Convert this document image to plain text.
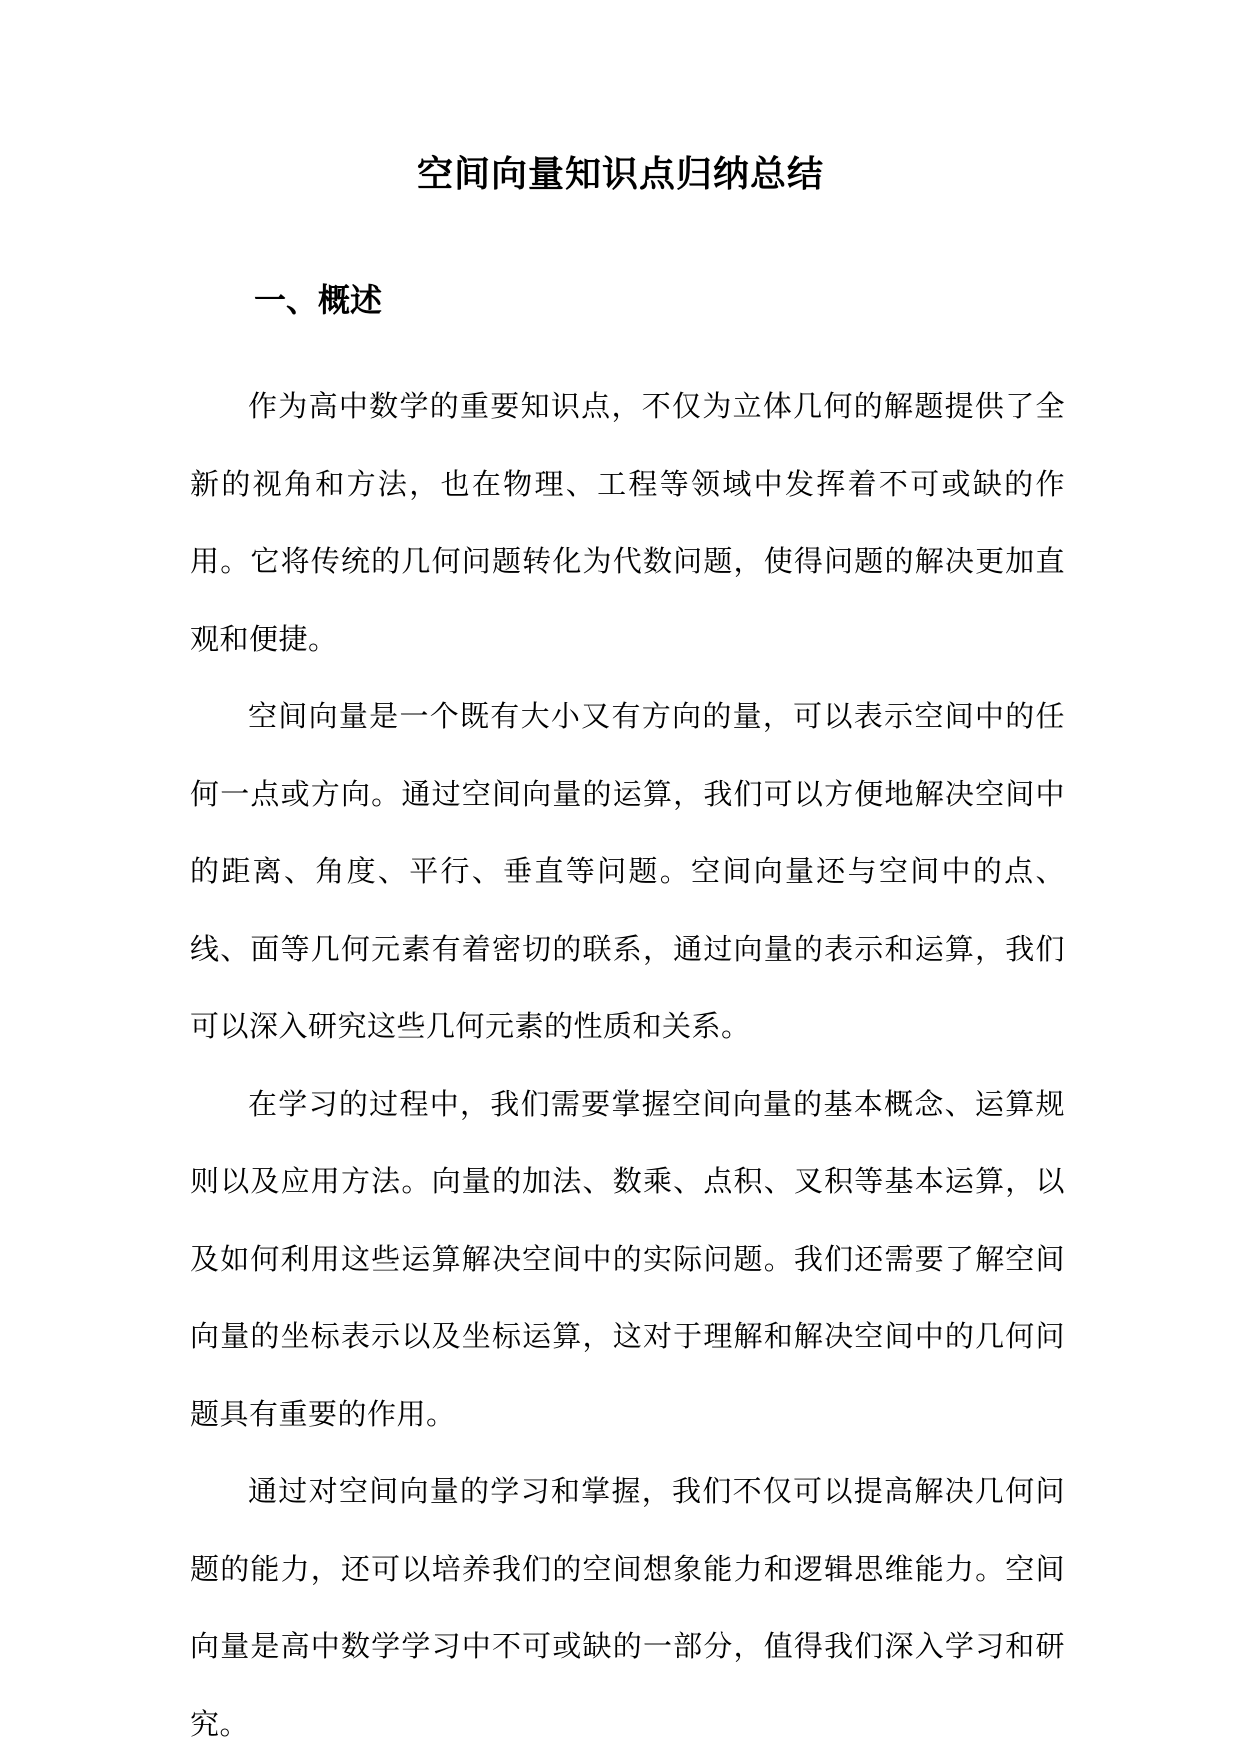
空间向量知识点归纳总结
一、概述

作为高中数学的重要知识点，不仅为立体几何的解题提供了全新的视角和方法，也在物理、工程等领域中发挥着不可或缺的作用。它将传统的几何问题转化为代数问题，使得问题的解决更加直观和便捷。

空间向量是一个既有大小又有方向的量，可以表示空间中的任何一点或方向。通过空间向量的运算，我们可以方便地解决空间中的距离、角度、平行、垂直等问题。空间向量还与空间中的点、线、面等几何元素有着密切的联系，通过向量的表示和运算，我们可以深入研究这些几何元素的性质和关系。

在学习的过程中，我们需要掌握空间向量的基本概念、运算规则以及应用方法。向量的加法、数乘、点积、叉积等基本运算，以及如何利用这些运算解决空间中的实际问题。我们还需要了解空间向量的坐标表示以及坐标运算，这对于理解和解决空间中的几何问题具有重要的作用。

通过对空间向量的学习和掌握，我们不仅可以提高解决几何问题的能力，还可以培养我们的空间想象能力和逻辑思维能力。空间向量是高中数学学习中不可或缺的一部分，值得我们深入学习和研究。
